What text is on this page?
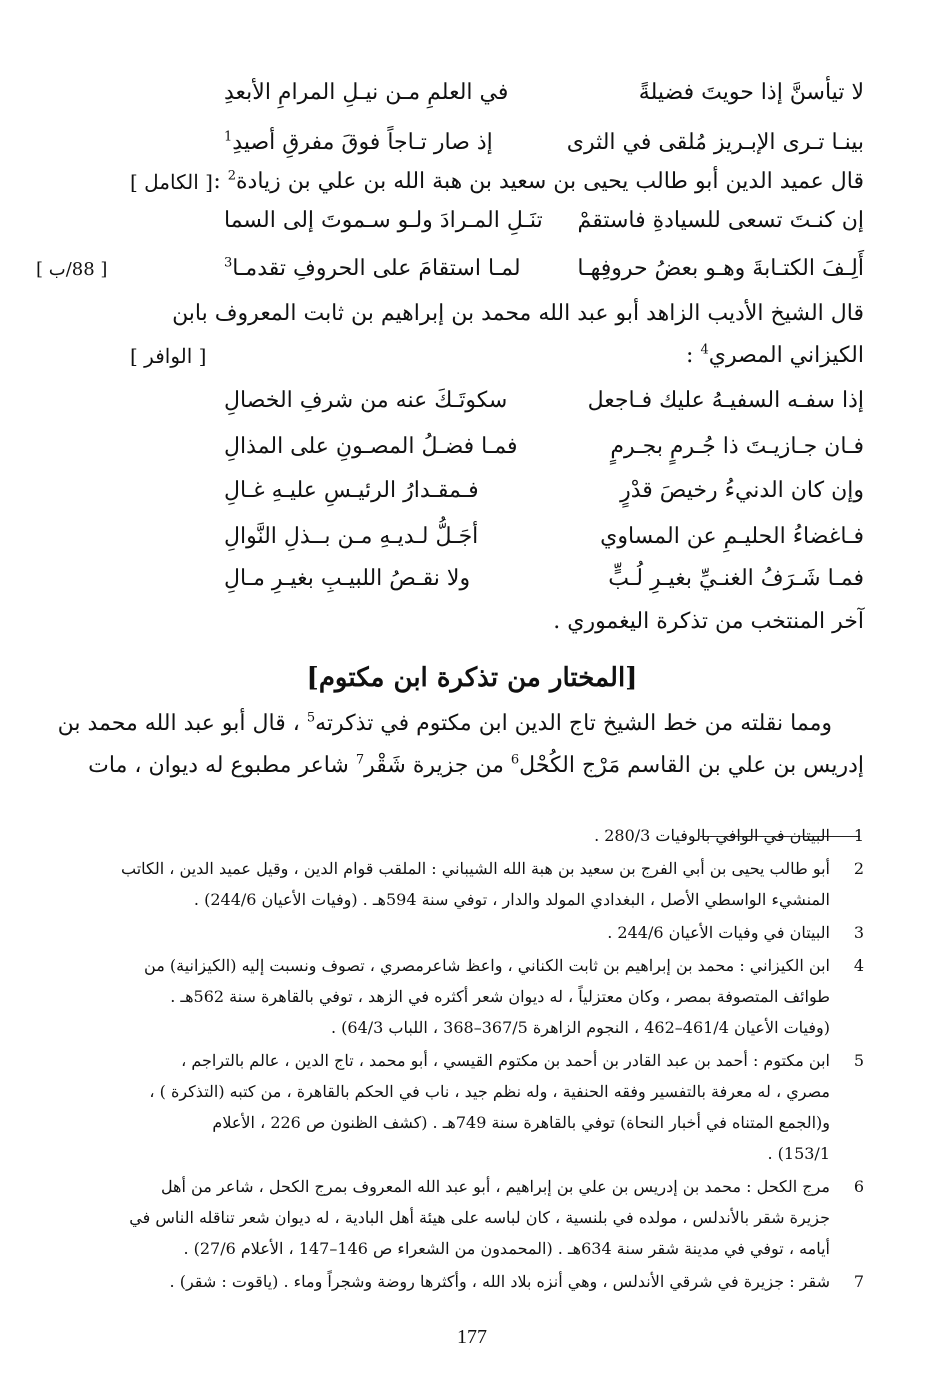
لا تيأسنَّ إذا حويتَ فضيلةً
في العلمِ مـن نيـلِ المرامِ الأبعدِ
بينـا تـرى الإبـريز مُلقى في الثرى
إذ صار تـاجاً فوقَ مفرقِ أصيدِ$^1$
قال عميد الدين أبو طالب يحيى بن سعيد بن هبة الله بن علي بن زيادة$^2$ :
[ الكامل ]
إن كنـتَ تسعى للسيادةِ فاستقمْ
تنَـلِ المـرادَ ولـو سـموتَ إلى السما
أَلِـفَ الكتـابةَ وهـو بعضُ حروفِهـا
لمـا استقامَ على الحروفِ تقدمـا$^3$
[ 88/ب ]
قال الشيخ الأديب الزاهد أبو عبد الله محمد بن إبراهيم بن ثابت المعروف بابن
الكيزاني المصري$^4$ :
[ الوافر ]
إذا سفـه السفيـهُ عليك فـاجعل
سكوتَـكَ عنه من شرفِ الخصالِ
فـان جـازيـتَ ذا جُـرمٍ بجـرمٍ
فمـا فضـلُ المصـونِ على المذالِ
وإن كان الدنيءُ رخيصَ قدْرٍ
فـمقـدارُ الرئيـسِ عليـهِ غـالِ
فـاغضاءُ الحليـمِ عن المساوي
أجَـلُّ لـديـهِ مـن بــذلِ النَّوالِ
فمـا شَـرَفُ الغنـيِّ بغيـرِ لُـبٍّ
ولا نقـصُ اللبيـبِ بغيـرِ مـالِ
آخر المنتخب من تذكرة اليغموري .
[المختار من تذكرة ابن مكتوم]
ومما نقلته من خط الشيخ تاج الدين ابن مكتوم في تذكرته$^5$ ، قال أبو عبد الله محمد بن
إدريس بن علي بن القاسم مَرْج الكُحْل$^6$ من جزيرة شَقْر$^7$ شاعر مطبوع له ديوان ، مات
1
البيتان في الوافي بالوفيات 280/3 .
2
أبو طالب يحيى بن أبي الفرج بن سعيد بن هبة الله الشيباني : الملقب قوام الدين ، وقيل عميد الدين ، الكاتب
المنشيء الواسطي الأصل ، البغدادي المولد والدار ، توفي سنة 594هـ . (وفيات الأعيان 244/6) .
3
البيتان في وفيات الأعيان 244/6 .
4
ابن الكيزاني : محمد بن إبراهيم بن ثابت الكناني ، واعظ شاعرمصري ، تصوف ونسبت إليه (الكيزانية) من
طوائف المتصوفة بمصر ، وكان معتزلياً ، له ديوان شعر أكثره في الزهد ، توفي بالقاهرة سنة 562هـ .
(وفيات الأعيان 461/4–462 ، النجوم الزاهرة 367/5–368 ، اللباب 64/3) .
5
ابن مكتوم : أحمد بن عبد القادر بن أحمد بن مكتوم القيسي ، أبو محمد ، تاج الدين ، عالم بالتراجم ،
مصري ، له معرفة بالتفسير وفقه الحنفية ، وله نظم جيد ، ناب في الحكم بالقاهرة ، من كتبه (التذكرة ) ،
و(الجمع المتناه في أخبار النحاة) توفي بالقاهرة سنة 749هـ . (كشف الظنون ص 226 ، الأعلام
153/1) .
6
مرج الكحل : محمد بن إدريس بن علي بن إبراهيم ، أبو عبد الله المعروف بمرج الكحل ، شاعر من أهل
جزيرة شقر بالأندلس ، مولده في بلنسية ، كان لباسه على هيئة أهل البادية ، له ديوان شعر تناقله الناس في
أيامه ، توفي في مدينة شقر سنة 634هـ . (المحمدون من الشعراء ص 146–147 ، الأعلام 27/6) .
7
شقر : جزيرة في شرقي الأندلس ، وهي أنزه بلاد الله ، وأكثرها روضة وشجراً وماء . (ياقوت : شقر) .
177
